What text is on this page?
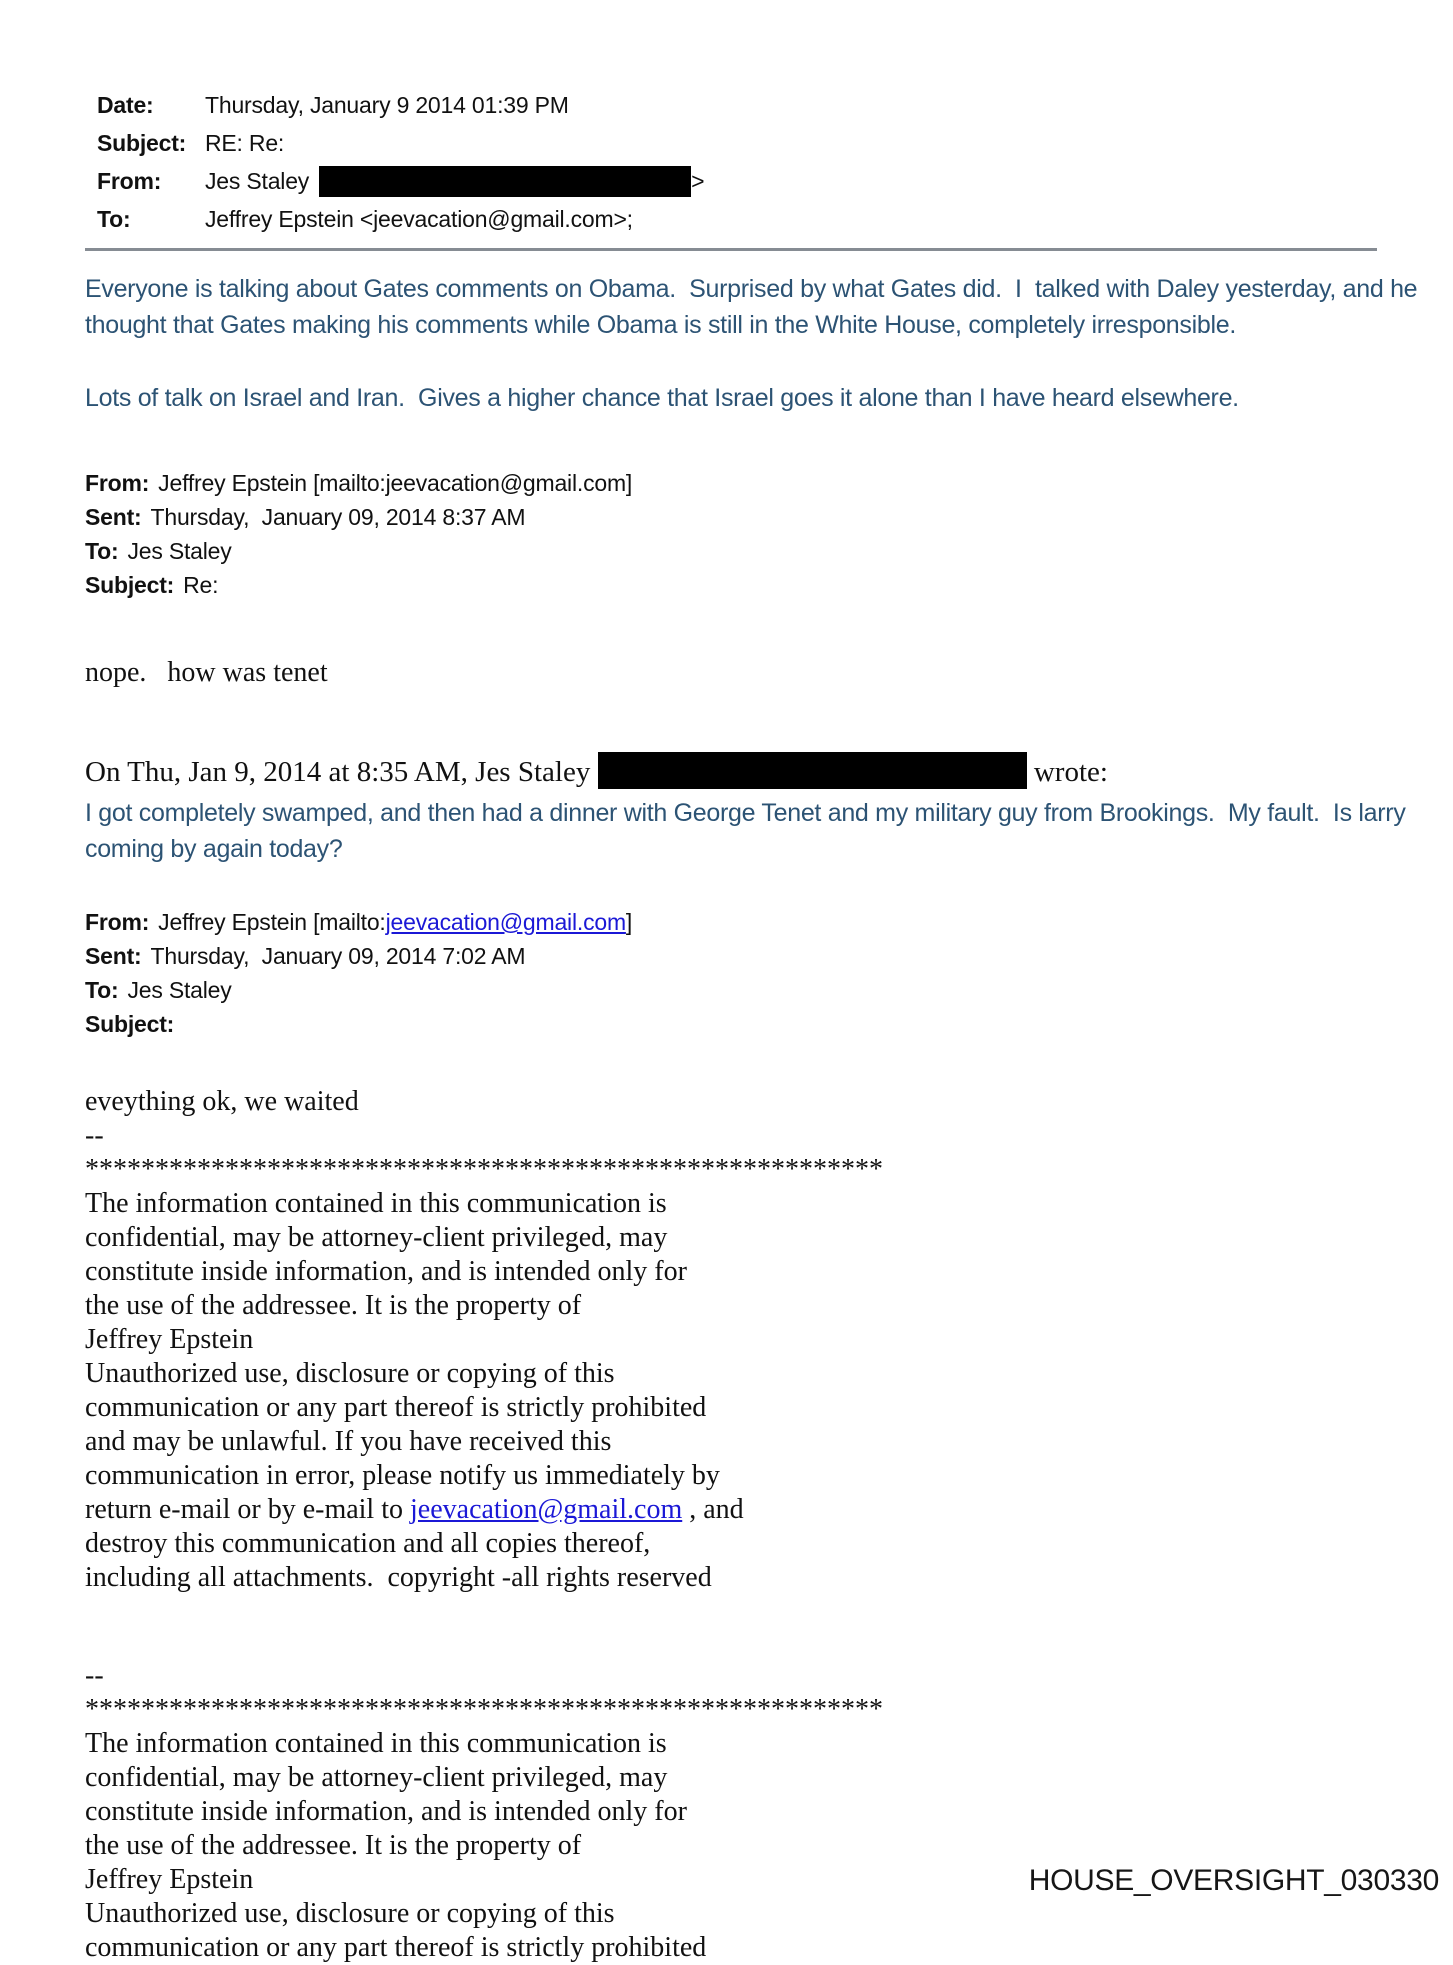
Date:	Thursday, January 9 2014 01:39 PM
Subject: RE: Re:
From:	Jes Staley	>
To:	Jeffrey Epstein <jeevacation@gmail.com>;
Everyone is talking about Gates comments on Obama.  Surprised by what Gates did.  I  talked with Daley yesterday, and he
thought that Gates making his comments while Obama is still in the White House, completely irresponsible.
Lots of talk on Israel and Iran.  Gives a higher chance that Israel goes it alone than I have heard elsewhere.
From: Jeffrey Epstein [mailto:jeevacation@gmail.com]
Sent: Thursday,  January 09, 2014 8:37 AM
To: Jes Staley
Subject: Re:
nope.   how was tenet
On Thu, Jan 9, 2014 at 8:35 AM, Jes Staley	wrote:
I got completely swamped, and then had a dinner with George Tenet and my military guy from Brookings.  My fault.  Is larry
coming by again today?
From: Jeffrey Epstein [mailto:jeevacation@gmail.com]
Sent: Thursday,  January 09, 2014 7:02 AM
To: Jes Staley
Subject:
eveything ok, we waited
--
*********************************************************
The information contained in this communication is
confidential, may be attorney-client privileged, may
constitute inside information, and is intended only for
the use of the addressee. It is the property of
Jeffrey Epstein
Unauthorized use, disclosure or copying of this
communication or any part thereof is strictly prohibited
and may be unlawful. If you have received this
communication in error, please notify us immediately by
return e-mail or by e-mail to jeevacation@gmail.com , and
destroy this communication and all copies thereof,
including all attachments.  copyright -all rights reserved
--
*********************************************************
The information contained in this communication is
confidential, may be attorney-client privileged, may
constitute inside information, and is intended only for
the use of the addressee. It is the property of
Jeffrey Epstein
Unauthorized use, disclosure or copying of this
communication or any part thereof is strictly prohibited
HOUSE_OVERSIGHT_030330
